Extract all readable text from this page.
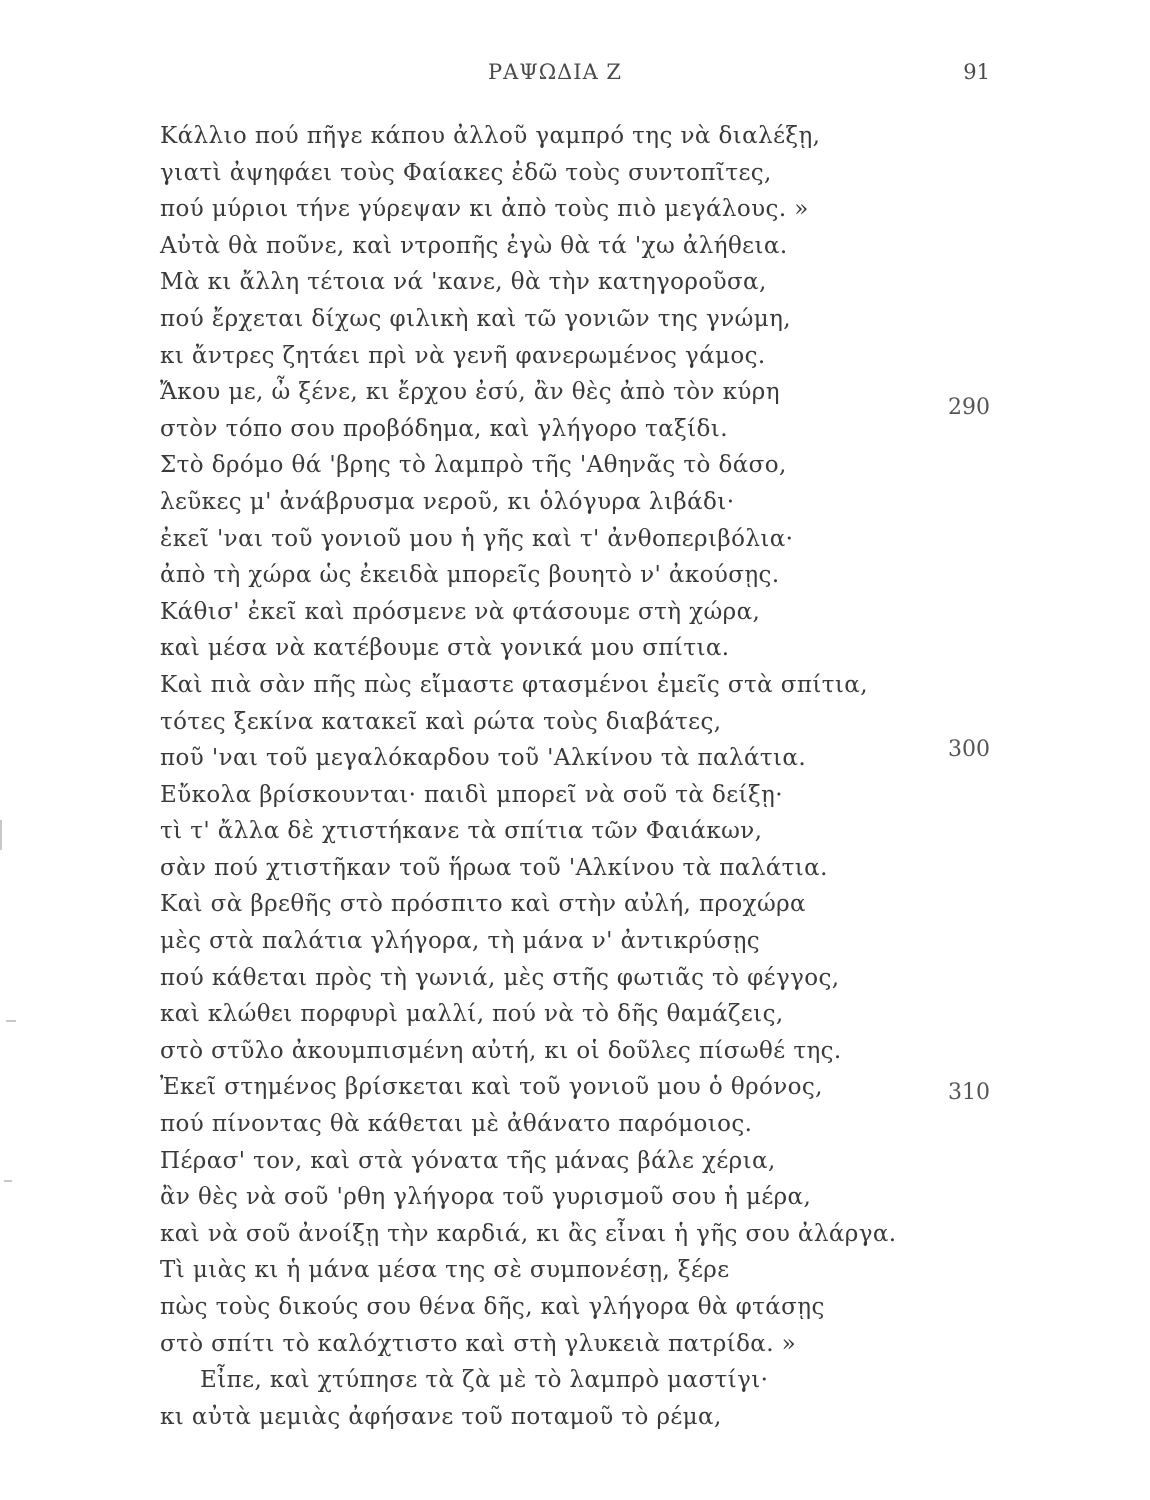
ΡΑΨΩΔΙΑ Ζ	91
Κάλλιο πού πῆγε κάπου ἀλλοῦ γαμπρό της νὰ διαλέξῃ,
γιατὶ ἀψηφάει τοὺς Φαίακες ἐδῶ τοὺς συντοπῖτες,
πού μύριοι τήνε γύρεψαν κι ἀπὸ τοὺς πιὸ μεγάλους. »
Αὐτὰ θὰ ποῦνε, καὶ ντροπῆς ἐγὼ θὰ τά 'χω ἀλήθεια.
Μὰ κι ἄλλη τέτοια νά 'κανε, θὰ τὴν κατηγοροῦσα,
πού ἔρχεται δίχως φιλικὴ καὶ τῶ γονιῶν της γνώμη,
κι ἄντρες ζητάει πρὶ νὰ γενῆ φανερωμένος γάμος.
Ἄκου με, ὦ ξένε, κι ἔρχου ἐσύ, ἂν θὲς ἀπὸ τὸν κύρη
στὸν τόπο σου προβόδημα, καὶ γλήγορο ταξίδι.
Στὸ δρόμο θά 'βρης τὸ λαμπρὸ τῆς 'Αθηνᾶς τὸ δάσο,
λεῦκες μ' ἀνάβρυσμα νεροῦ, κι ὁλόγυρα λιβάδι·
ἐκεῖ 'ναι τοῦ γονιοῦ μου ἡ γῆς καὶ τ' ἀνθοπεριβόλια·
ἀπὸ τὴ χώρα ὡς ἐκειδὰ μπορεῖς βουητὸ ν' ἀκούσῃς.
Κάθισ' ἐκεῖ καὶ πρόσμενε νὰ φτάσουμε στὴ χώρα,
καὶ μέσα νὰ κατέβουμε στὰ γονικά μου σπίτια.
Καὶ πιὰ σὰν πῆς πὼς εἴμαστε φτασμένοι ἐμεῖς στὰ σπίτια,
τότες ξεκίνα κατακεῖ καὶ ρώτα τοὺς διαβάτες,
ποῦ 'ναι τοῦ μεγαλόκαρδου τοῦ 'Αλκίνου τὰ παλάτια.
Εὔκολα βρίσκουνται· παιδὶ μπορεῖ νὰ σοῦ τὰ δείξῃ·
τὶ τ' ἄλλα δὲ χτιστήκανε τὰ σπίτια τῶν Φαιάκων,
σὰν πού χτιστῆκαν τοῦ ἥρωα τοῦ 'Αλκίνου τὰ παλάτια.
Καὶ σὰ βρεθῆς στὸ πρόσπιτο καὶ στὴν αὐλή, προχώρα
μὲς στὰ παλάτια γλήγορα, τὴ μάνα ν' ἀντικρύσῃς
πού κάθεται πρὸς τὴ γωνιά, μὲς στῆς φωτιᾶς τὸ φέγγος,
καὶ κλώθει πορφυρὶ μαλλί, πού νὰ τὸ δῆς θαμάζεις,
στὸ στῦλο ἀκουμπισμένη αὐτή, κι οἱ δοῦλες πίσωθέ της.
Ἐκεῖ στημένος βρίσκεται καὶ τοῦ γονιοῦ μου ὁ θρόνος,
πού πίνοντας θὰ κάθεται μὲ ἀθάνατο παρόμοιος.
Πέρασ' τον, καὶ στὰ γόνατα τῆς μάνας βάλε χέρια,
ἂν θὲς νὰ σοῦ 'ρθη γλήγορα τοῦ γυρισμοῦ σου ἡ μέρα,
καὶ νὰ σοῦ ἀνοίξῃ τὴν καρδιά, κι ἂς εἶναι ἡ γῆς σου ἀλάργα.
Τὶ μιὰς κι ἡ μάνα μέσα της σὲ συμπονέσῃ, ξέρε
πὼς τοὺς δικούς σου θένα δῆς, καὶ γλήγορα θὰ φτάσῃς
στὸ σπίτι τὸ καλόχτιστο καὶ στὴ γλυκειὰ πατρίδα. »
Εἶπε, καὶ χτύπησε τὰ ζὰ μὲ τὸ λαμπρὸ μαστίγι·
κι αὐτὰ μεμιὰς ἀφήσανε τοῦ ποταμοῦ τὸ ρέμα,
290
300
310
